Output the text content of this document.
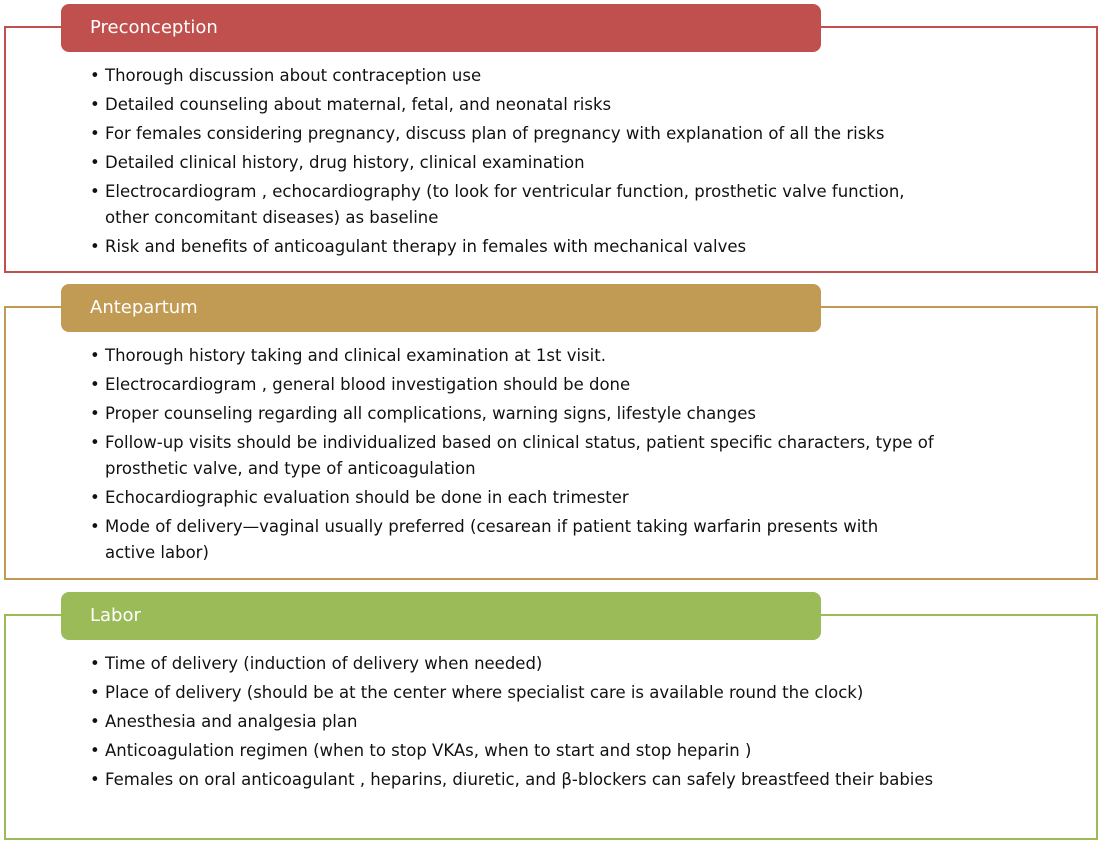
Preconception
• Thorough discussion about contraception use
• Detailed counseling about maternal, fetal, and neonatal risks
• For females considering pregnancy, discuss plan of pregnancy with explanation of all the risks
• Detailed clinical history, drug history, clinical examination
• Electrocardiogram , echocardiography (to look for ventricular function, prosthetic valve function,
other concomitant diseases) as baseline
• Risk and benefits of anticoagulant therapy in females with mechanical valves
Antepartum
• Thorough history taking and clinical examination at 1st visit.
• Electrocardiogram , general blood investigation should be done
• Proper counseling regarding all complications, warning signs, lifestyle changes
• Follow-up visits should be individualized based on clinical status, patient specific characters, type of
prosthetic valve, and type of anticoagulation
• Echocardiographic evaluation should be done in each trimester
• Mode of delivery—vaginal usually preferred (cesarean if patient taking warfarin presents with
active labor)
Labor
• Time of delivery (induction of delivery when needed)
• Place of delivery (should be at the center where specialist care is available round the clock)
• Anesthesia and analgesia plan
• Anticoagulation regimen (when to stop VKAs, when to start and stop heparin )
• Females on oral anticoagulant , heparins, diuretic, and β-blockers can safely breastfeed their babies
